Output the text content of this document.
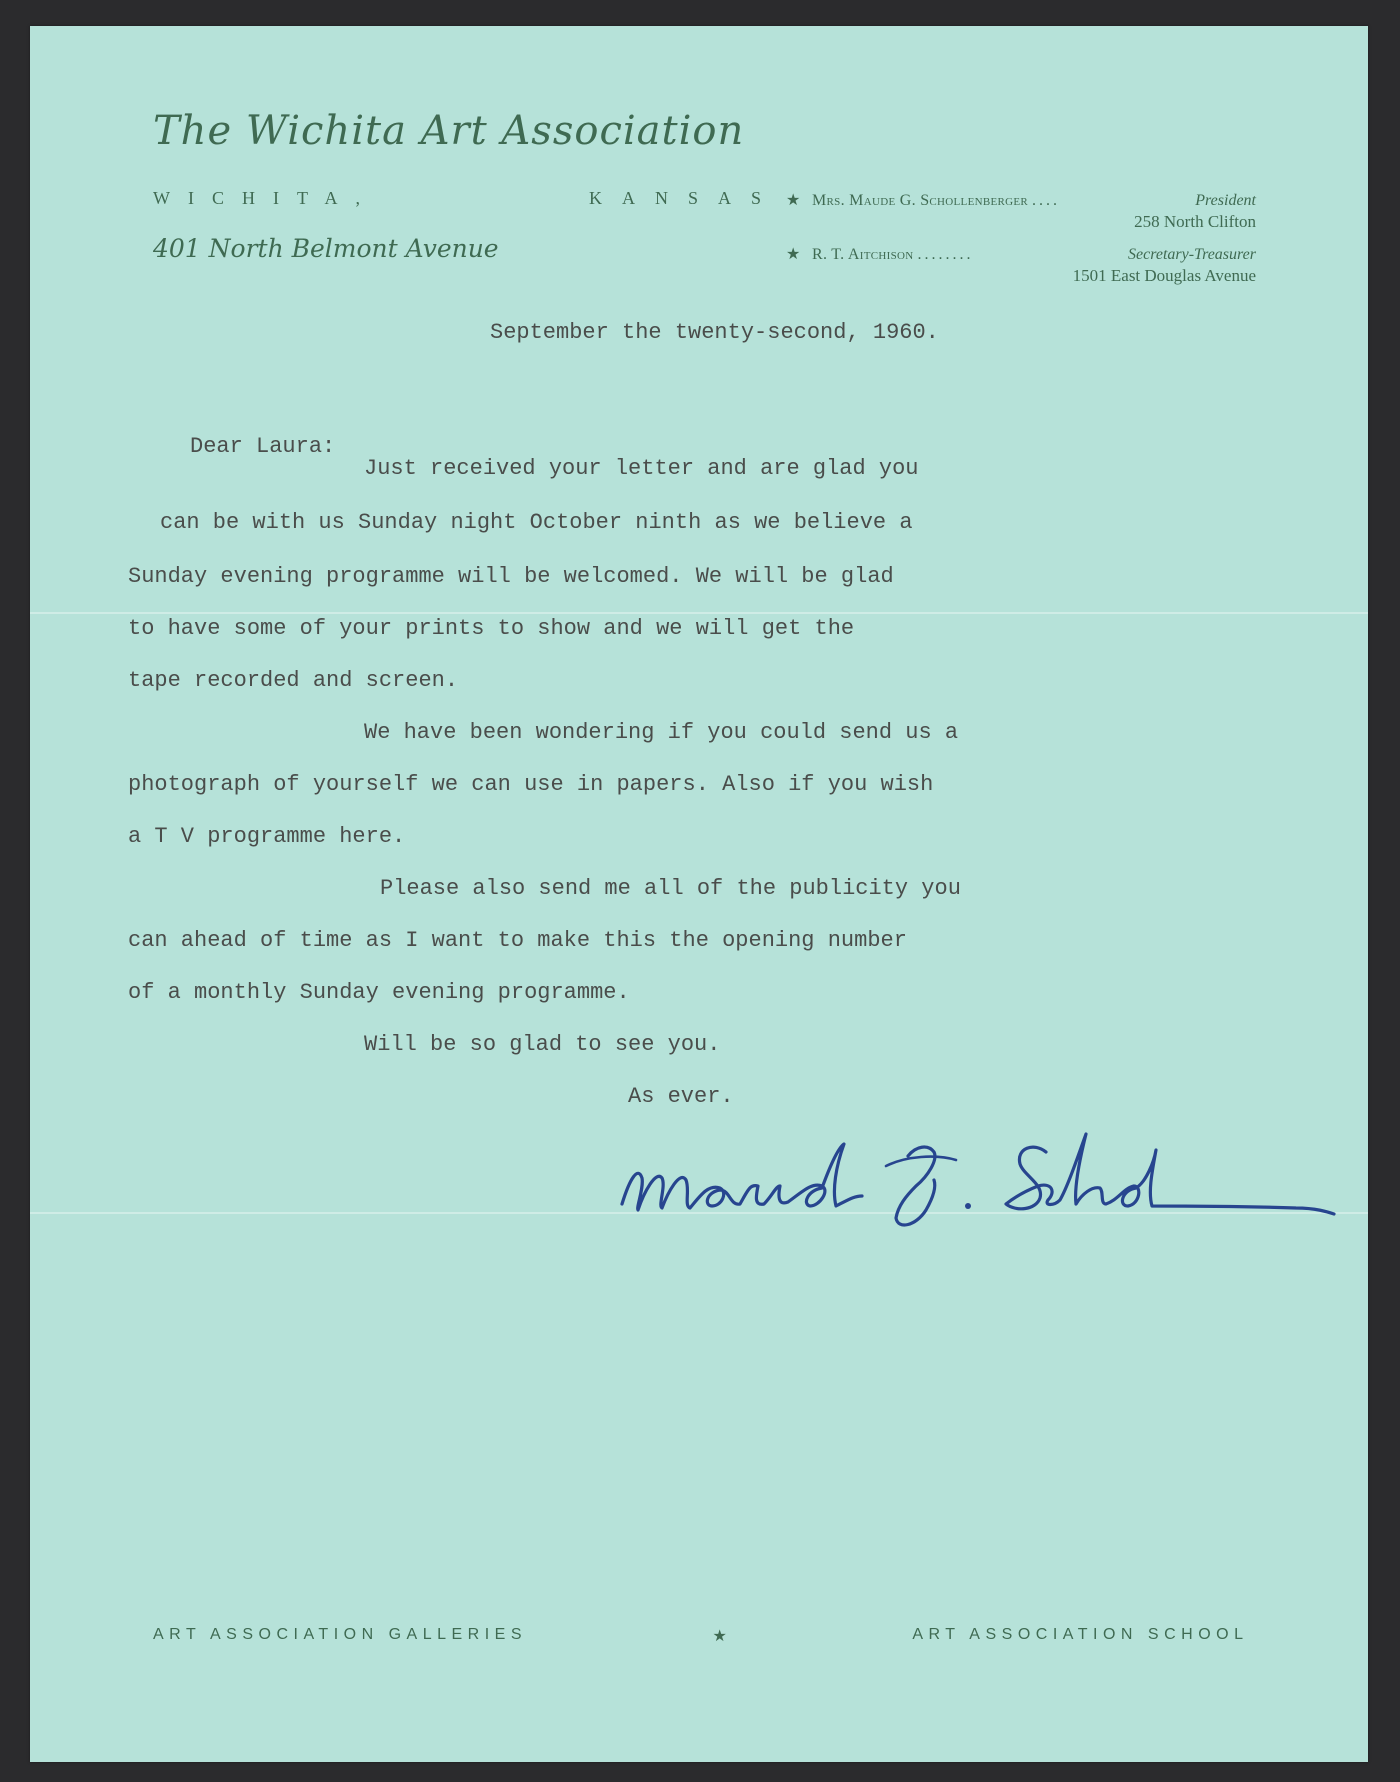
The Wichita Art Association
WICHITA,	KANSAS
401 North Belmont Avenue
★ Mrs. Maude G. Schollenberger ....	President
258 North Clifton
★ R. T. Aitchison ........	Secretary-Treasurer
1501 East Douglas Avenue
September the twenty-second, 1960.
Dear Laura:
Just received your letter and are glad you
can be with us Sunday night October ninth as we believe a
Sunday evening programme will be welcomed. We will be glad
to have some of your prints to show and we will get the
tape recorded and screen.
We have been wondering if you could send us a
photograph of yourself we can use in papers. Also if you wish
a T V programme here.
Please also send me all of the publicity you
can ahead of time as I want to make this the opening number
of a monthly Sunday evening programme.
Will be so glad to see you.
As ever.
ART ASSOCIATION GALLERIES	★	ART ASSOCIATION SCHOOL
